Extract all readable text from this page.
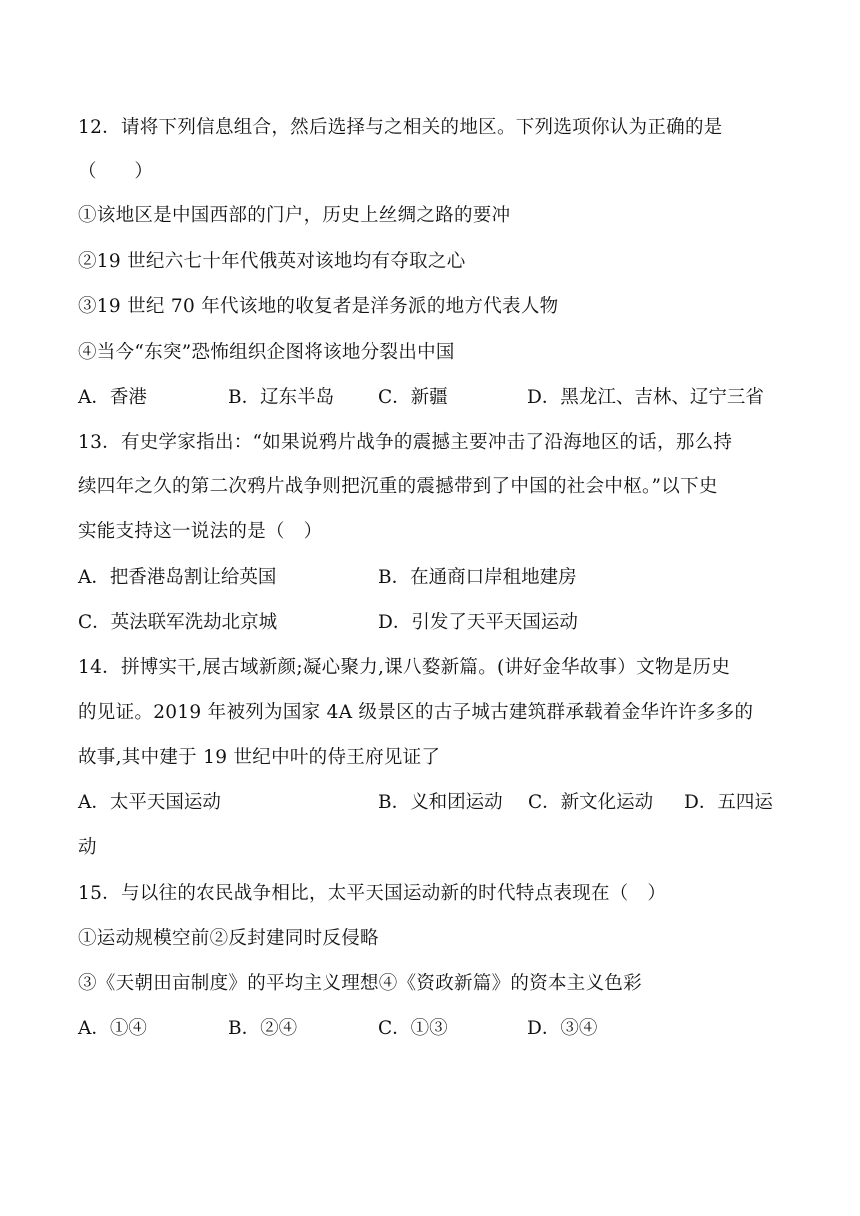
12．请将下列信息组合，然后选择与之相关的地区。下列选项你认为正确的是
（　　）
①该地区是中国西部的门户，历史上丝绸之路的要冲
②19 世纪六七十年代俄英对该地均有夺取之心
③19 世纪 70 年代该地的收复者是洋务派的地方代表人物
④当今“东突”恐怖组织企图将该地分裂出中国
A．香港	B．辽东半岛 C．新疆	D．黑龙江、吉林、辽宁三省
13．有史学家指出：“如果说鸦片战争的震撼主要冲击了沿海地区的话，那么持
续四年之久的第二次鸦片战争则把沉重的震撼带到了中国的社会中枢。”以下史
实能支持这一说法的是（　）
A．把香港岛割让给英国	B．在通商口岸租地建房
C．英法联军洗劫北京城	D．引发了天平天国运动
14．拼博实干,展古域新颜;凝心聚力,课八婺新篇。(讲好金华故事）文物是历史
的见证。2019 年被列为国家 4A 级景区的古子城古建筑群承载着金华许许多多的
故事,其中建于 19 世纪中叶的侍王府见证了
A．太平天国运动	B．义和团运动 C．新文化运动 D．五四运
动
15．与以往的农民战争相比，太平天国运动新的时代特点表现在（　）
①运动规模空前②反封建同时反侵略
③《天朝田亩制度》的平均主义理想④《资政新篇》的资本主义色彩
A．①④	B．②④	C．①③	D．③④
